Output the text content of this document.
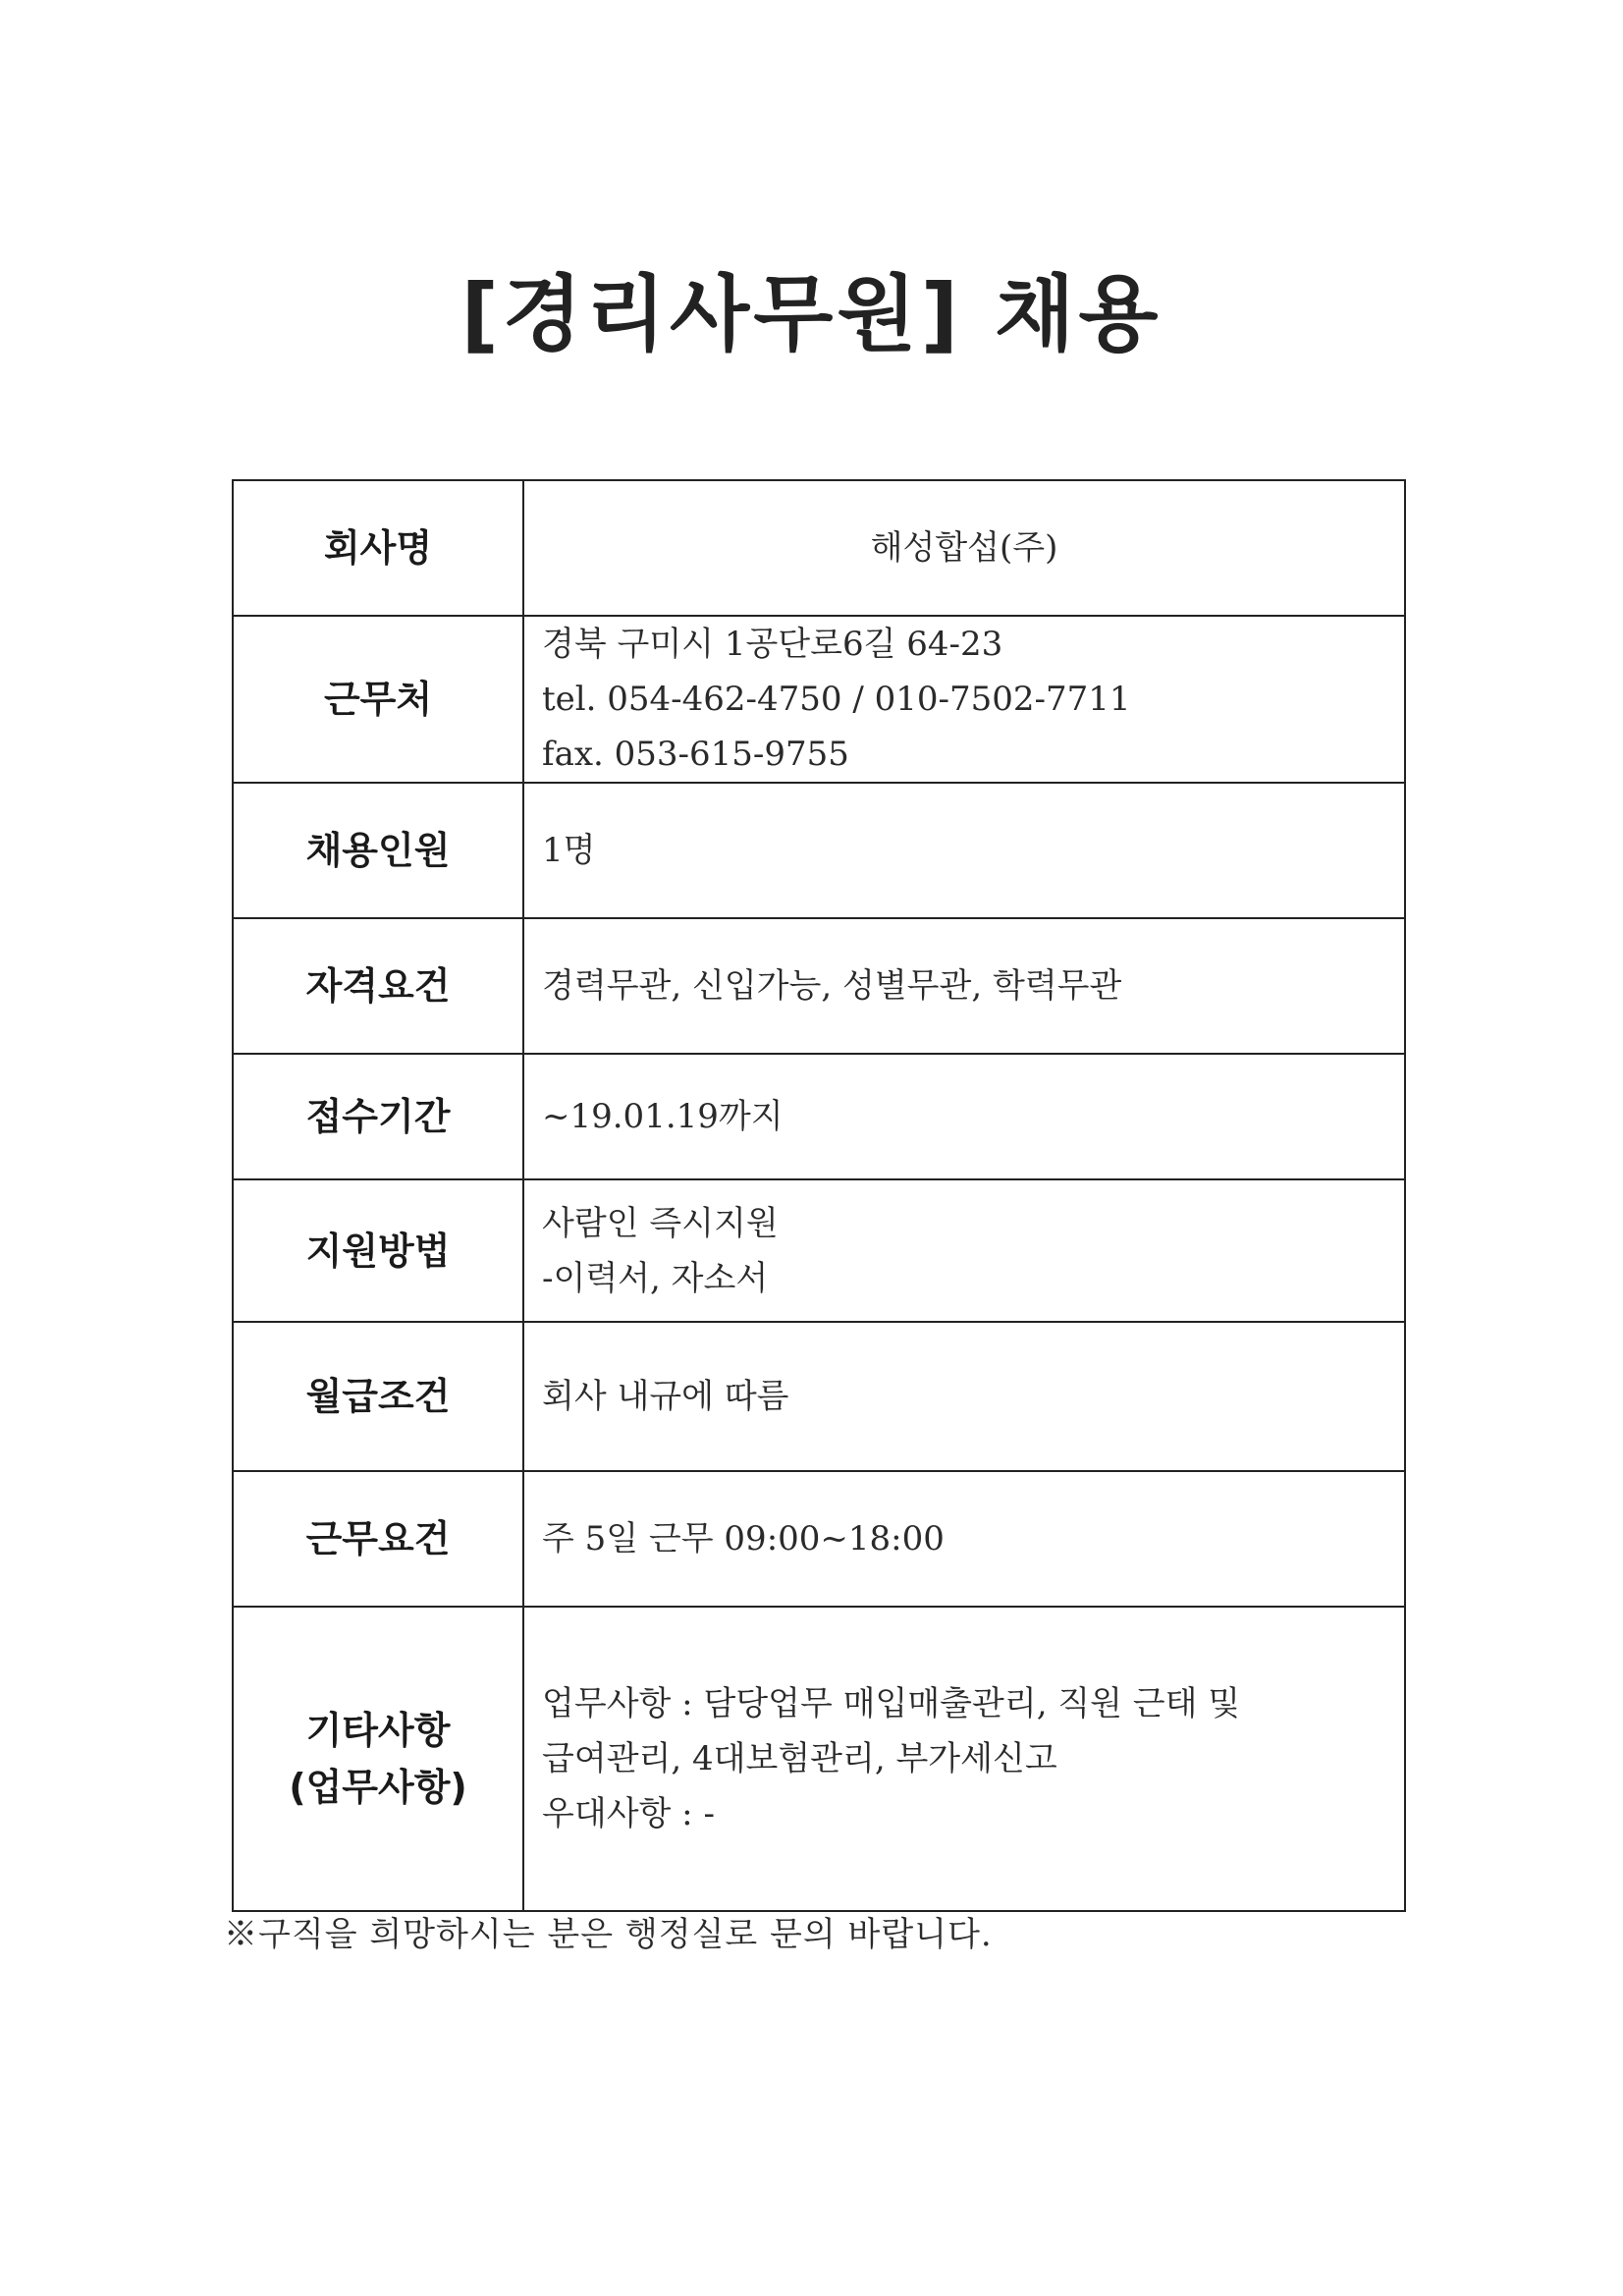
[경리사무원] 채용
회사명	해성합섭(주)

근무처	경북 구미시 1공단로6길 64-23
tel. 054-462-4750 / 010-7502-7711
fax. 053-615-9755

채용인원	1명

자격요건	경력무관, 신입가능, 성별무관, 학력무관

접수기간	~19.01.19까지

지원방법	사람인 즉시지원
-이력서, 자소서

월급조건	회사 내규에 따름

근무요건	주 5일 근무 09:00~18:00

기타사항
(업무사항)	업무사항 : 담당업무 매입매출관리, 직원 근태 및
급여관리, 4대보험관리, 부가세신고
우대사항 : -
※구직을 희망하시는 분은 행정실로 문의 바랍니다.
